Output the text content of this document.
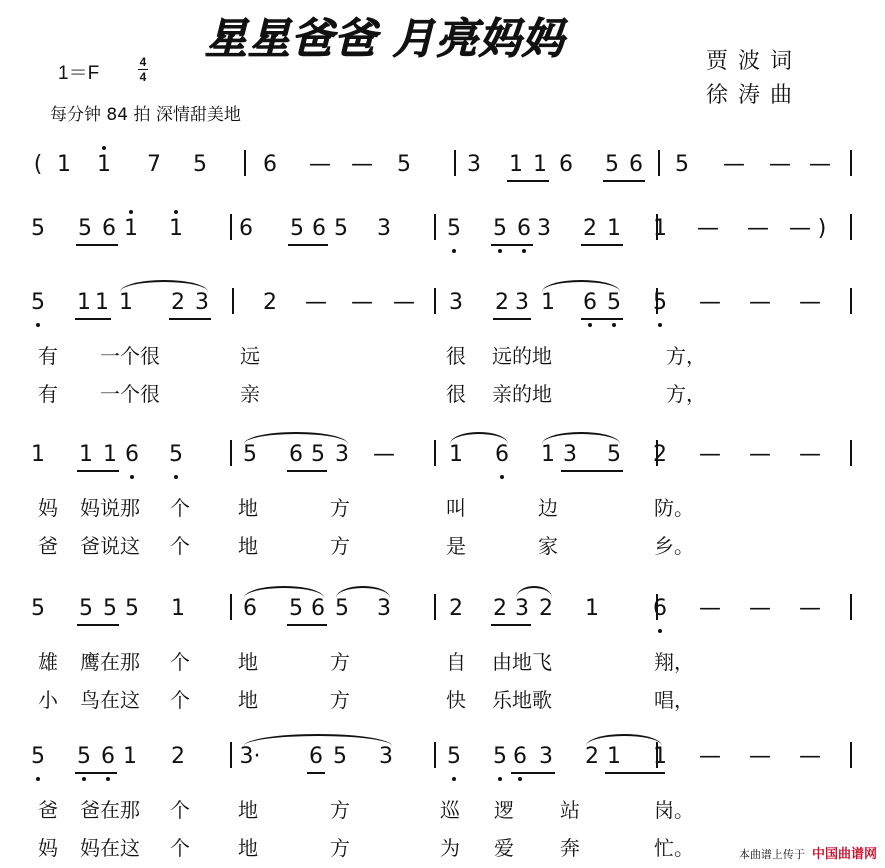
星星爸爸 月亮妈妈
1＝F
4
4
每分钟 84 拍 深情甜美地
贾波词
徐涛曲
( 1 1 7 5	6 — — 5	3 1 1 6 5 6 5 — — —
5 5 6 1 1	6 5 6 5 3	5 5 6 3 2 1 1 — — — )
5 1 1 1 2 3 2 — — — 3 2 3 1 6 5 5 — — —
有 一个很	远	很 远的地	方，
有 一个很	亲	很 亲的地	方，
1 1 1 6 5	5 6 5 3 — 1 6 1 3 5 2 — — —
妈 妈说那 个 地	方	叫	边	防。
爸 爸说这 个 地	方	是	家	乡。
5 5 5 5 1	6 5 6 5 3	2 2 3 2 1 6 — — —
雄 鹰在那 个 地	方	自 由地飞	翔，
小 鸟在这 个 地	方	快 乐地歌	唱，
5 5 6 1 2 3· 6 5 3 5 5 6 3 2 1 1 — — —
爸 爸在那 个 地	方	巡 逻 站	岗。
妈 妈在这 个 地	方	为 爱 奔	忙。	本曲谱上传于 中国曲谱网
